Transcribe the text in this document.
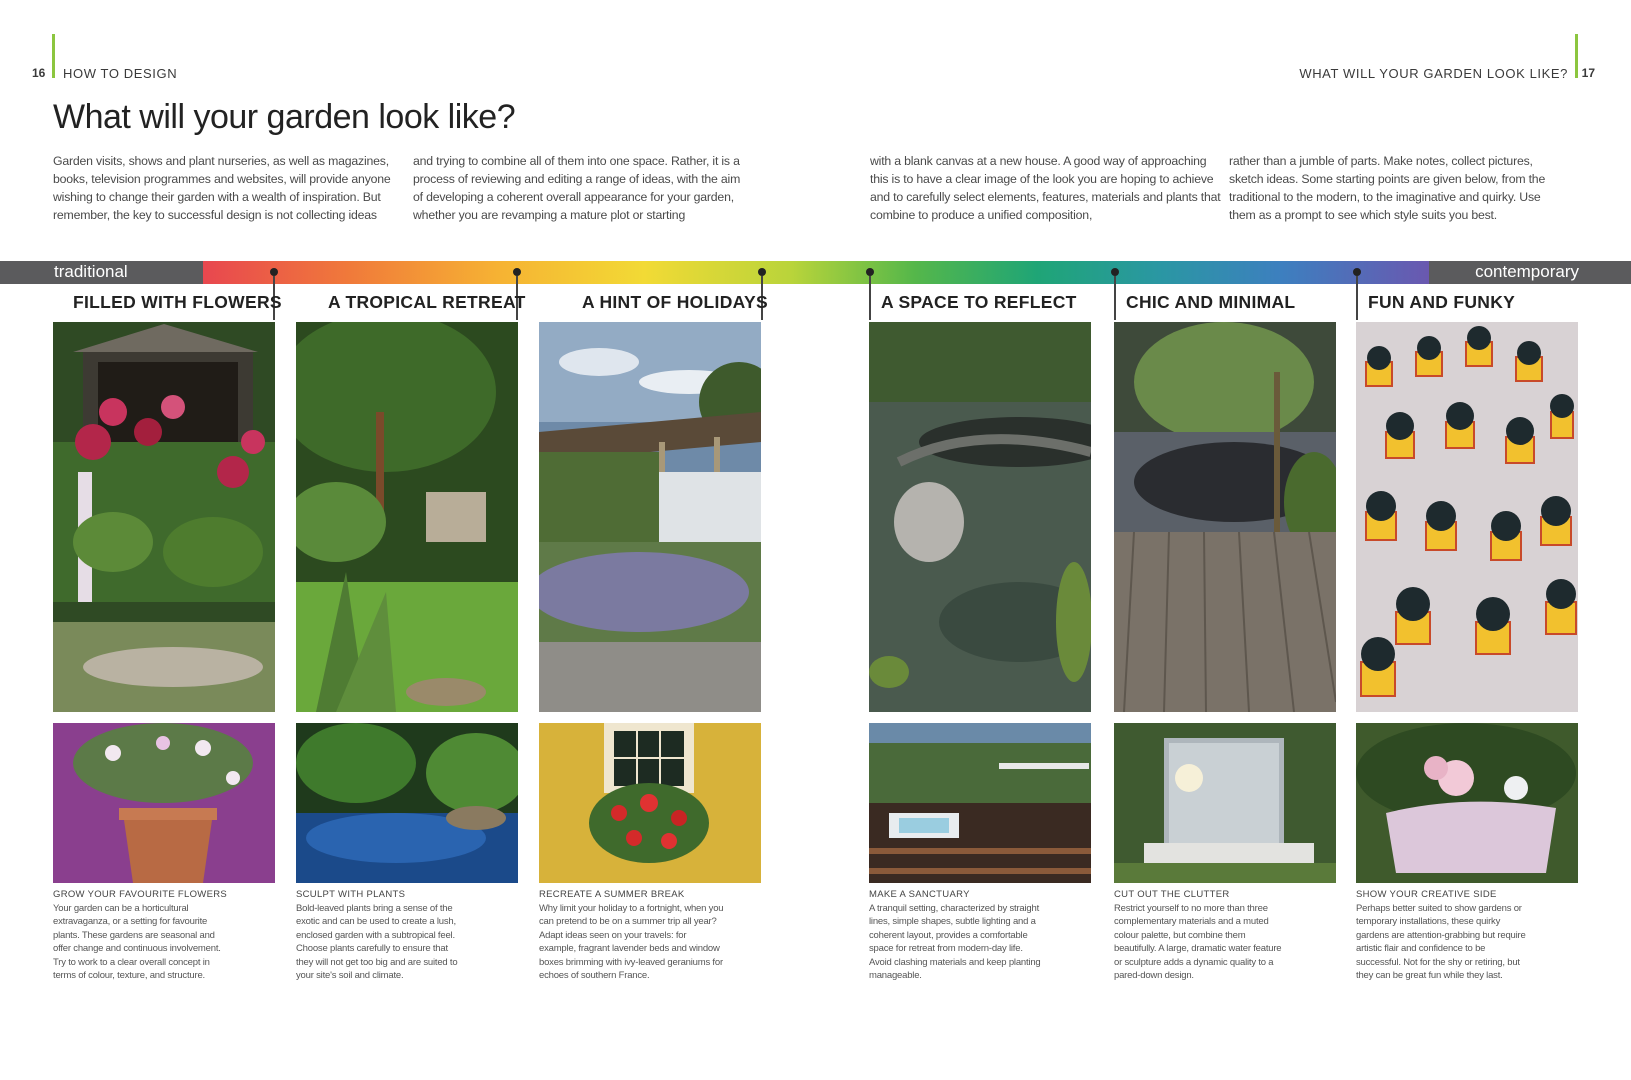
16 HOW TO DESIGN	WHAT WILL YOUR GARDEN LOOK LIKE? 17
What will your garden look like?
Garden visits, shows and plant nurseries, as well as magazines, books, television programmes and websites, will provide anyone wishing to change their garden with a wealth of inspiration. But remember, the key to successful design is not collecting ideas
and trying to combine all of them into one space. Rather, it is a process of reviewing and editing a range of ideas, with the aim of developing a coherent overall appearance for your garden, whether you are revamping a mature plot or starting
with a blank canvas at a new house. A good way of approaching this is to have a clear image of the look you are hoping to achieve and to carefully select elements, features, materials and plants that combine to produce a unified composition,
rather than a jumble of parts. Make notes, collect pictures, sketch ideas. Some starting points are given below, from the traditional to the modern, to the imaginative and quirky. Use them as a prompt to see which style suits you best.
traditional	contemporary
FILLED WITH FLOWERS	A TROPICAL RETREAT	A HINT OF HOLIDAYS	A SPACE TO REFLECT	CHIC AND MINIMAL	FUN AND FUNKY
GROW YOUR FAVOURITE FLOWERS
Your garden can be a horticultural extravaganza, or a setting for favourite plants. These gardens are seasonal and offer change and continuous involvement. Try to work to a clear overall concept in terms of colour, texture, and structure.
SCULPT WITH PLANTS
Bold-leaved plants bring a sense of the exotic and can be used to create a lush, enclosed garden with a subtropical feel. Choose plants carefully to ensure that they will not get too big and are suited to your site's soil and climate.
RECREATE A SUMMER BREAK
Why limit your holiday to a fortnight, when you can pretend to be on a summer trip all year? Adapt ideas seen on your travels: for example, fragrant lavender beds and window boxes brimming with ivy-leaved geraniums for echoes of southern France.
MAKE A SANCTUARY
A tranquil setting, characterized by straight lines, simple shapes, subtle lighting and a coherent layout, provides a comfortable space for retreat from modern-day life. Avoid clashing materials and keep planting manageable.
CUT OUT THE CLUTTER
Restrict yourself to no more than three complementary materials and a muted colour palette, but combine them beautifully. A large, dramatic water feature or sculpture adds a dynamic quality to a pared-down design.
SHOW YOUR CREATIVE SIDE
Perhaps better suited to show gardens or temporary installations, these quirky gardens are attention-grabbing but require artistic flair and confidence to be successful. Not for the shy or retiring, but they can be great fun while they last.
